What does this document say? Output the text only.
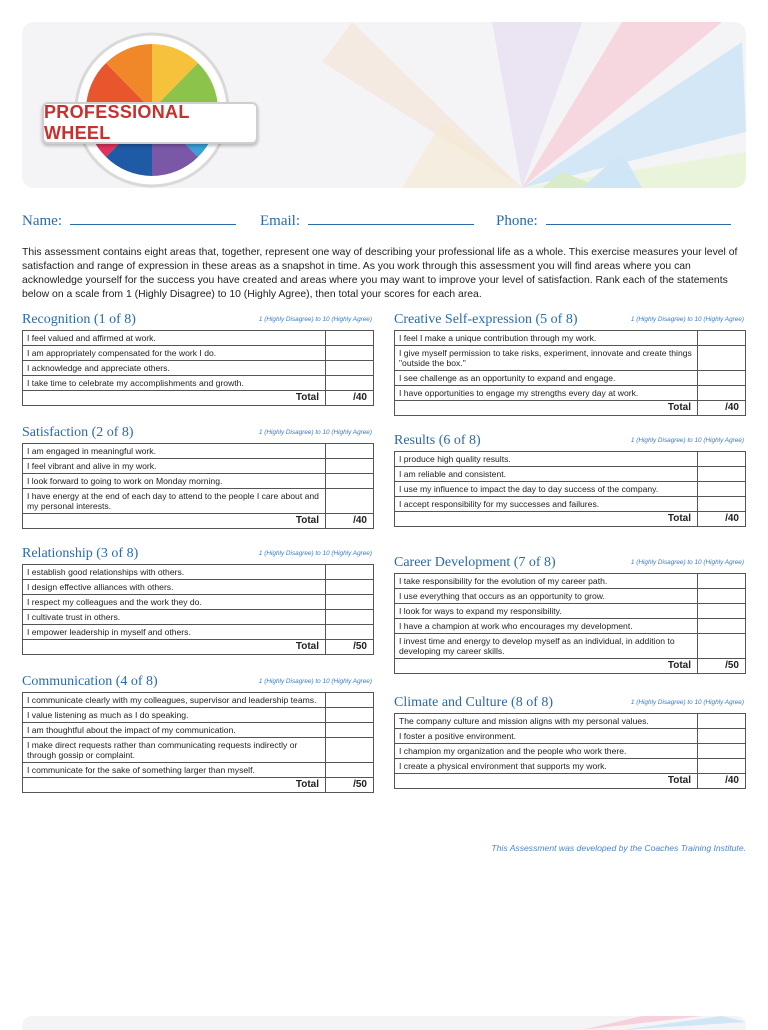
PROFESSIONAL WHEEL
Name:	Email:	Phone:
This assessment contains eight areas that, together, represent one way of describing your professional life as a whole. This exercise measures your level of satisfaction and range of expression in these areas as a snapshot in time. As you work through this assessment you will find areas where you can acknowledge yourself for the success you have created and areas where you may want to improve your level of satisfaction. Rank each of the statements below on a scale from 1 (Highly Disagree) to 10 (Highly Agree), then total your scores for each area.
Recognition (1 of 8)	1 (Highly Disagree) to 10 (Highly Agree)
I feel valued and affirmed at work.	
I am appropriately compensated for the work I do.	
I acknowledge and appreciate others.	
I take time to celebrate my accomplishments and growth.	
Total	/40
Satisfaction (2 of 8)	1 (Highly Disagree) to 10 (Highly Agree)
I am engaged in meaningful work.	
I feel vibrant and alive in my work.	
I look forward to going to work on Monday morning.	
I have energy at the end of each day to attend to the people I care about and my personal interests.	
Total	/40
Relationship (3 of 8)	1 (Highly Disagree) to 10 (Highly Agree)
I establish good relationships with others.	
I design effective alliances with others.	
I respect my colleagues and the work they do.	
I cultivate trust in others.	
I empower leadership in myself and others.	
Total	/50
Communication (4 of 8)	1 (Highly Disagree) to 10 (Highly Agree)
I communicate clearly with my colleagues, supervisor and leadership teams.	
I value listening as much as I do speaking.	
I am thoughtful about the impact of my communication.	
I make direct requests rather than communicating requests indirectly or through gossip or complaint.	
I communicate for the sake of something larger than myself.	
Total	/50
Creative Self-expression (5 of 8)	1 (Highly Disagree) to 10 (Highly Agree)
I feel I make a unique contribution through my work.	
I give myself permission to take risks, experiment, innovate and create things "outside the box."	
I see challenge as an opportunity to expand and engage.	
I have opportunities to engage my strengths every day at work.	
Total	/40
Results (6 of 8)	1 (Highly Disagree) to 10 (Highly Agree)
I produce high quality results.	
I am reliable and consistent.	
I use my influence to impact the day to day success of the company.	
I accept responsibility for my successes and failures.	
Total	/40
Career Development (7 of 8)	1 (Highly Disagree) to 10 (Highly Agree)
I take responsibility for the evolution of my career path.	
I use everything that occurs as an opportunity to grow.	
I look for ways to expand my responsibility.	
I have a champion at work who encourages my development.	
I invest time and energy to develop myself as an individual, in addition to developing my career skills.	
Total	/50
Climate and Culture (8 of 8)	1 (Highly Disagree) to 10 (Highly Agree)
The company culture and mission aligns with my personal values.	
I foster a positive environment.	
I champion my organization and the people who work there.	
I create a physical environment that supports my work.	
Total	/40
This Assessment was developed by the Coaches Training Institute.
